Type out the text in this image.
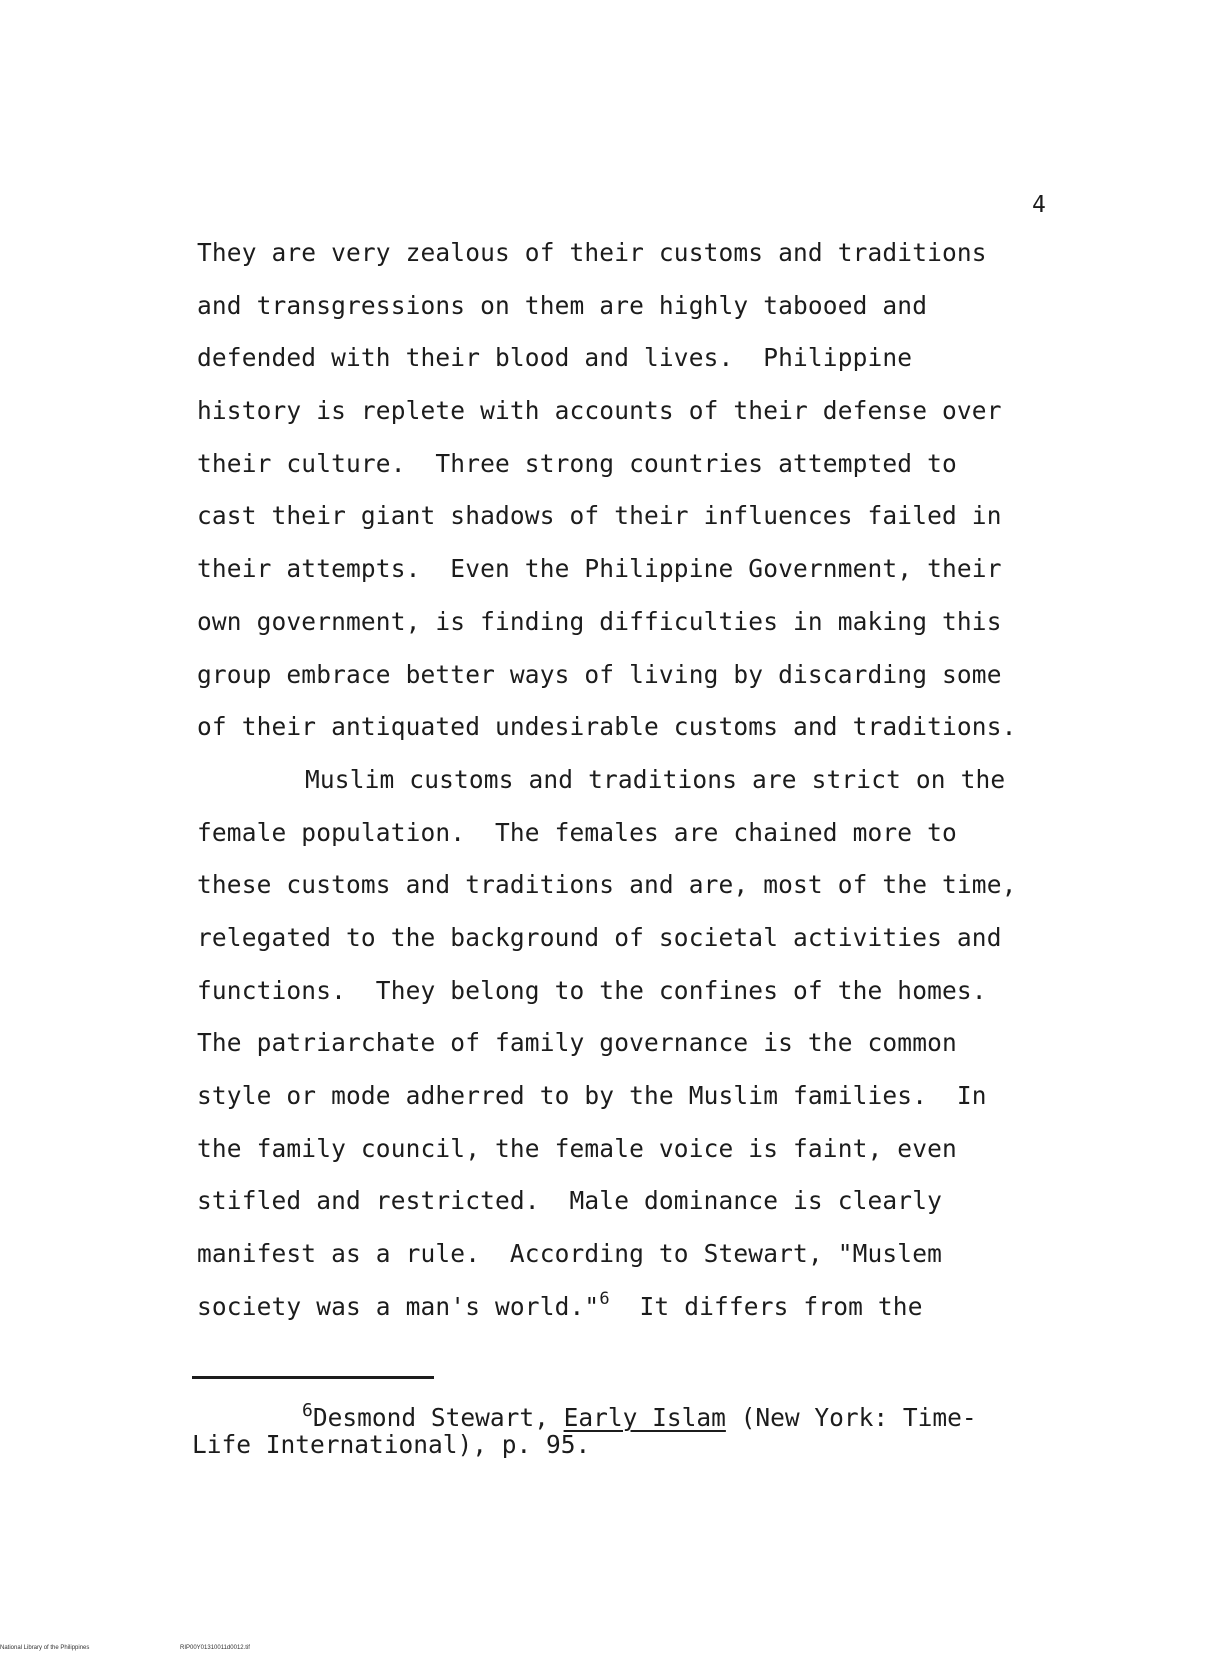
4
They are very zealous of their customs and traditions
and transgressions on them are highly tabooed and
defended with their blood and lives.  Philippine
history is replete with accounts of their defense over
their culture.  Three strong countries attempted to
cast their giant shadows of their influences failed in
their attempts.  Even the Philippine Government, their
own government, is finding difficulties in making this
group embrace better ways of living by discarding some
of their antiquated undesirable customs and traditions.
Muslim customs and traditions are strict on the
female population.  The females are chained more to
these customs and traditions and are, most of the time,
relegated to the background of societal activities and
functions.  They belong to the confines of the homes.
The patriarchate of family governance is the common
style or mode adherred to by the Muslim families.  In
the family council, the female voice is faint, even
stifled and restricted.  Male dominance is clearly
manifest as a rule.  According to Stewart, "Muslem
society was a man's world."$^6$  It differs from the
$^6$Desmond Stewart, Early Islam (New York: Time-
Life International), p. 95.
National Library of the Philippines	RIP00Y01310011d0012.tif
